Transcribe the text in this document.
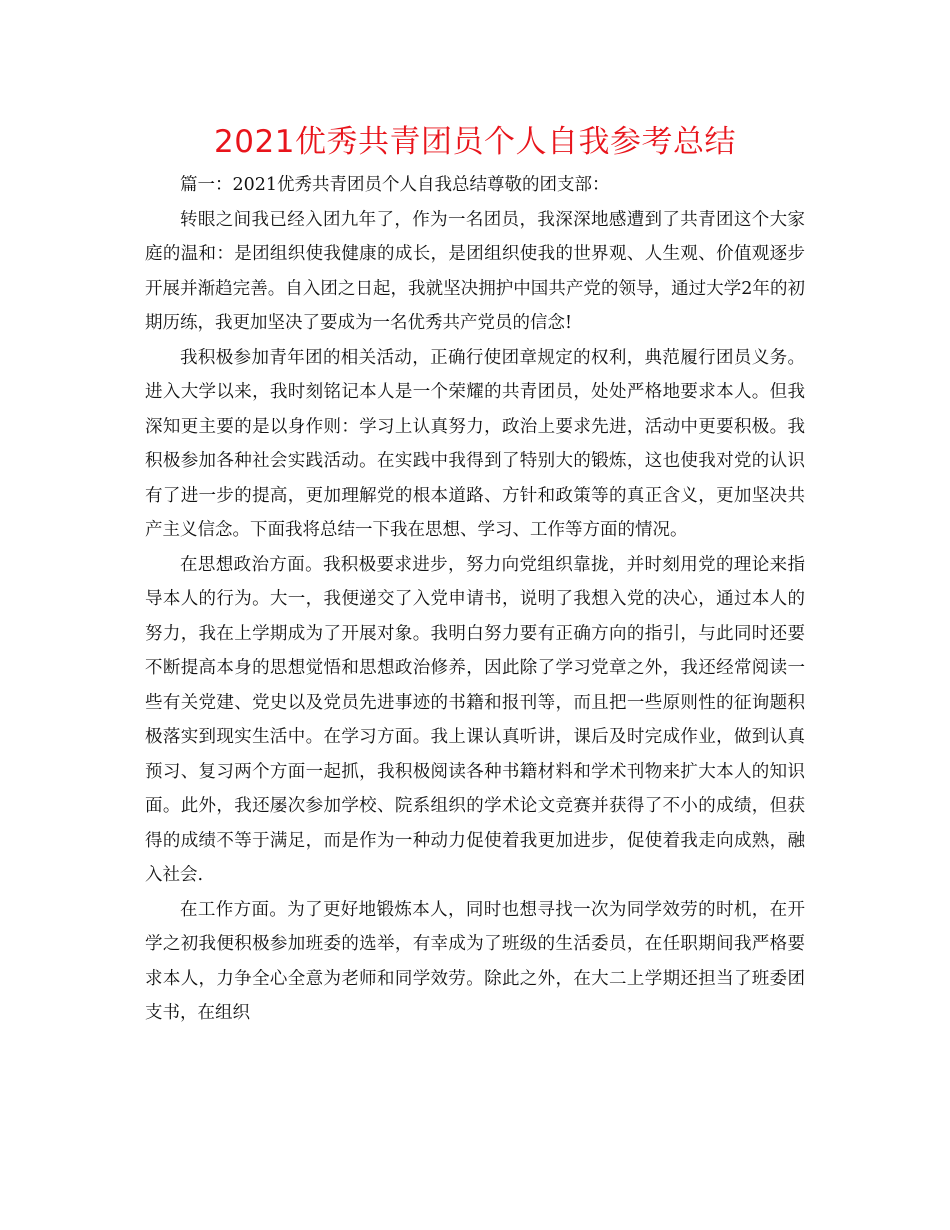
2021优秀共青团员个人自我参考总结

篇一：2021优秀共青团员个人自我总结尊敬的团支部：

转眼之间我已经入团九年了，作为一名团员，我深深地感遭到了共青团这个大家庭的温和：是团组织使我健康的成长，是团组织使我的世界观、人生观、价值观逐步开展并渐趋完善。自入团之日起，我就坚决拥护中国共产党的领导，通过大学2年的初期历练，我更加坚决了要成为一名优秀共产党员的信念!

我积极参加青年团的相关活动，正确行使团章规定的权利，典范履行团员义务。进入大学以来，我时刻铭记本人是一个荣耀的共青团员，处处严格地要求本人。但我深知更主要的是以身作则：学习上认真努力，政治上要求先进，活动中更要积极。我积极参加各种社会实践活动。在实践中我得到了特别大的锻炼，这也使我对党的认识有了进一步的提高，更加理解党的根本道路、方针和政策等的真正含义，更加坚决共产主义信念。下面我将总结一下我在思想、学习、工作等方面的情况。

在思想政治方面。我积极要求进步，努力向党组织靠拢，并时刻用党的理论来指导本人的行为。大一，我便递交了入党申请书，说明了我想入党的决心，通过本人的努力，我在上学期成为了开展对象。我明白努力要有正确方向的指引，与此同时还要不断提高本身的思想觉悟和思想政治修养，因此除了学习党章之外，我还经常阅读一些有关党建、党史以及党员先进事迹的书籍和报刊等，而且把一些原则性的征询题积极落实到现实生活中。在学习方面。我上课认真听讲，课后及时完成作业，做到认真预习、复习两个方面一起抓，我积极阅读各种书籍材料和学术刊物来扩大本人的知识面。此外，我还屡次参加学校、院系组织的学术论文竞赛并获得了不小的成绩，但获得的成绩不等于满足，而是作为一种动力促使着我更加进步，促使着我走向成熟，融入社会.

在工作方面。为了更好地锻炼本人，同时也想寻找一次为同学效劳的时机，在开学之初我便积极参加班委的选举，有幸成为了班级的生活委员，在任职期间我严格要求本人，力争全心全意为老师和同学效劳。除此之外，在大二上学期还担当了班委团支书，在组织
